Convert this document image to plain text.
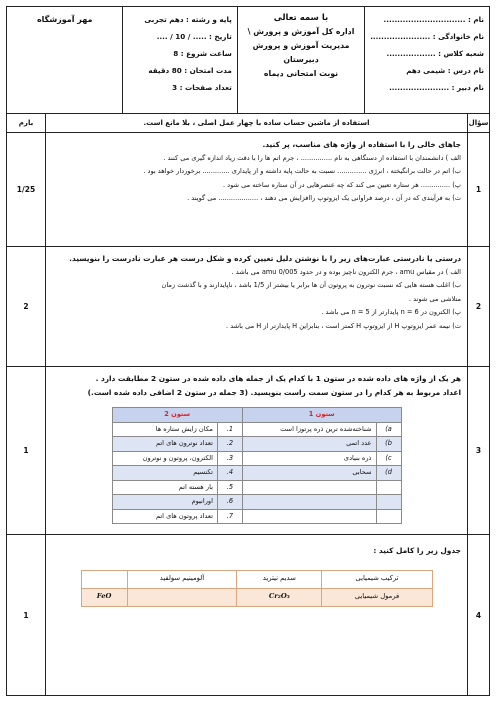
نام : ..............................
نام خانوادگی : ......................
شعبه کلاس : ..................
نام درس : شیمی دهم
نام دبیر : ......................
با سمه تعالی
اداره کل آموزش و پرورش \
مدیریت آموزش و پرورش
دبیرستان
نوبت امتحانی دیماه
پایه و رشته : دهم تجربی
تاریخ : ..... / 10 / ....
ساعت شروع : 8
مدت امتحان : 80 دقیقه
تعداد صفحات : 3
مهر آموزشگاه
سؤال
استفاده از ماشین حساب ساده با چهار عمل اصلی ، بلا مانع است.
بارم
1
جاهای خالی را با استفاده از واژه های مناسب، پر کنید.
الف ) دانشمندان با استفاده از دستگاهی به نام ............... ، جرم اتم ها را با دقت زیاد اندازه گیری می کنند .
ب) اتم در حالت برانگیخته ، انرژی .............. نسبت به حالت پایه داشته و از پایداری ............. برخوردار خواهد بود .
پ) .............. هر ستاره تعیین می کند که چه عنصرهایی در آن ستاره ساخته می شود .
ت) به فرآیندی که در آن ، درصد فراوانی یک ایزوتوپ راافزایش می دهند ، ................... می گویند .
1/25
2
درستی یا نادرستی عبارت‌های زیر را با نوشتن دلیل تعیین کرده و شکل درست هر عبارت نادرست را بنویسید.
الف ) در مقیاس amu ، جرم الکترون ناچیز بوده و در حدود 0/005 amu می باشد .
ب) اغلب هسته هایی که نسبت نوترون به پروتون آن ها برابر یا بیشتر از 1/5 باشد ، ناپایدارند و با گذشت زمان
متلاشی می شوند .
پ) الکترون در n = 6 پایدارتر از n = 5 می باشد .
ت) نیمه عمر ایزوتوپ H از ایزوتوپ H کمتر است ، بنابراین H پایدارتر از H می باشد .
2
3
هر یک از واژه های داده شده در ستون 1 با کدام یک از جمله های داده شده در ستون 2 مطابقت دارد .
اعداد مربوط به هر کدام را در ستون سمت راست بنویسید. (3 جمله در ستون 2 اضافی داده شده است.)
ستون 1		ستون 2	
a)	شناخته‌شده ترین ذره پرتوزا است	1.	مکان زایش ستاره ها
b)	عدد اتمی	2.	تعداد نوترون های اتم
c)	ذره بنیادی	3.	الکترون، پروتون و نوترون
d)	سحابی	4.	تکنسیم
		5.	بار هسته اتم
		6.	اورانیوم
		7.	تعداد پروتون های اتم
1
4
جدول زیر را کامل کنید :
ترکیب شیمیایی	سدیم نیترید	آلومینیم سولفید	
فرمول شیمیایی	Cr₂O₃		FeO
1
